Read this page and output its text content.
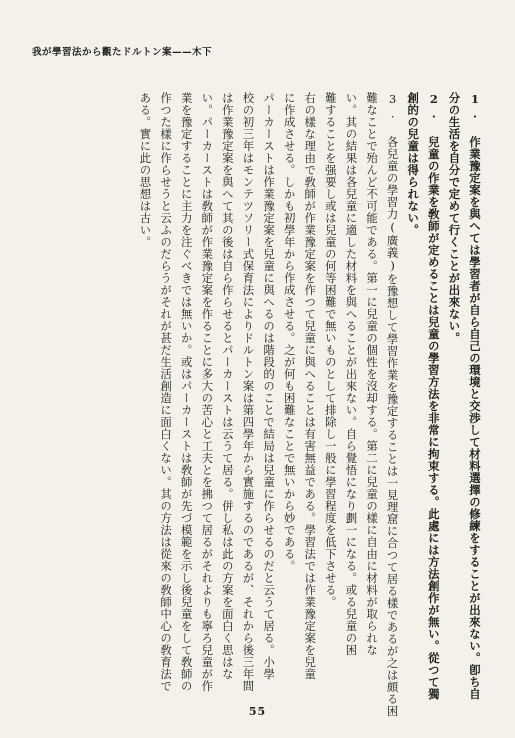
我が學習法から觀たドルトン案——木下
1. 作業豫定案を與へては學習者が自ら自己の環境と交渉して材料選擇の修練をすることが出來ない。卽ち自
分の生活を自分で定めて行くことが出來ない。
2. 兒童の作業を敎師が定めることは兒童の學習方法を非常に拘束する。此處には方法創作が無い。從つて獨
創的の兒童は得られない。
3. 各兒童の學習力(廣義)を豫想して學習作業を豫定することは一見理窟に合つて居る樣であるが之は頗る困
難なことで殆んど不可能である。第一に兒童の個性を沒却する。第二に兒童の樣に自由に材料が取られな
い。其の結果は各兒童に適した材料を與へることが出來ない。自ら覺悟になり劃一になる。或る兒童の困
難することを强要し或は兒童の何等困難で無いものとして排除し一般に學習程度を低下させる。
右の樣な理由で敎師が作業豫定案を作つて兒童に與へることは有害無益である。學習法では作業豫定案を兒童
に作成させる。しかも初學年から作成させる。之が何も困難なことで無いから妙である。
パーカーストは作業豫定案を兒童に與へるのは階段的のことで結局は兒童に作らせるのだと云うて居る。小學
校の初三年はモンテツソリー式保育法によりドルトン案は第四學年から實施するのであるが、それから後三年間
は作業豫定案を與へて其の後は自ら作らせるとパーカーストは云うて居る。併し私は此の方案を面白く思はな
い。パーカーストは敎師が作業豫定案を作ることに多大の苦心と工夫とを拂つて居るがそれよりも寧ろ兒童が作
業を豫定することに主力を注ぐべきでは無いか。或はパーカーストは敎師が先づ模範を示し後兒童をして敎師の
作つた樣に作らせうと云ふのだらうがそれが甚だ生活創造に面白くない。其の方法は從來の敎師中心の敎育法で
ある。實に此の思想は古い。
55
